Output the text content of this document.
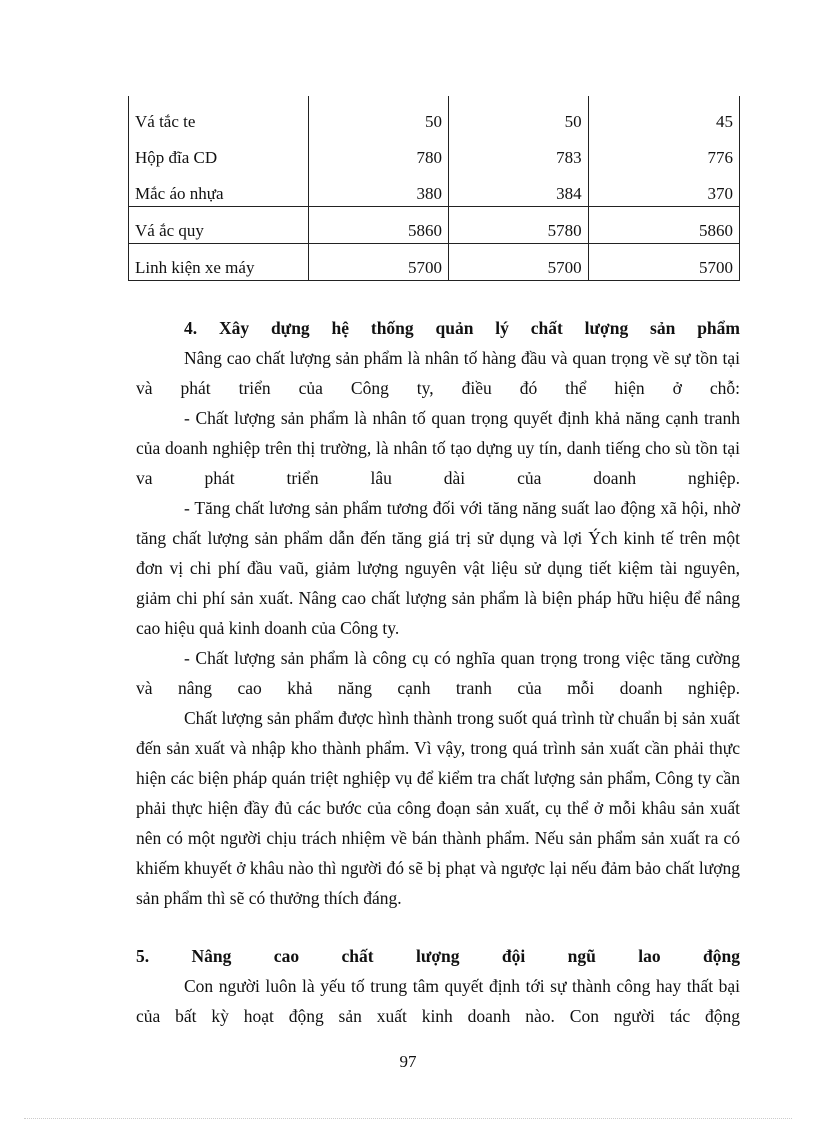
Vá tắc te	50	50	45
Hộp đĩa CD	780	783	776
Mắc áo nhựa	380	384	370
Vá ắc quy	5860	5780	5860
Linh kiện xe máy	5700	5700	5700

4. Xây dựng hệ thống quản lý chất lượng sản phẩm

Nâng cao chất lượng sản phẩm là nhân tố hàng đầu và quan trọng về sự tồn tại và phát triển của Công ty, điều đó thể hiện ở chỗ:

- Chất lượng sản phẩm là nhân tố quan trọng quyết định khả năng cạnh tranh của doanh nghiệp trên thị trường, là nhân tố tạo dựng uy tín, danh tiếng cho sù tồn tại va phát triển lâu dài của doanh nghiệp.

- Tăng chất lương sản phẩm tương đối với tăng năng suất lao động xã hội, nhờ tăng chất lượng sản phẩm dẫn đến tăng giá trị sử dụng và lợi Ých kinh tế trên một đơn vị chi phí đầu vaũ, giảm lượng nguyên vật liệu sử dụng tiết kiệm tài nguyên, giảm chi phí sản xuất. Nâng cao chất lượng sản phẩm là biện pháp hữu hiệu để nâng cao hiệu quả kinh doanh của Công ty.

- Chất lượng sản phẩm là công cụ có nghĩa quan trọng trong việc tăng cường và nâng cao khả năng cạnh tranh của mỗi doanh nghiệp.

Chất lượng sản phẩm được hình thành trong suốt quá trình từ chuẩn bị sản xuất đến sản xuất và nhập kho thành phẩm. Vì vậy, trong quá trình sản xuất cần phải thực hiện các biện pháp quán triệt nghiệp vụ để kiểm tra chất lượng sản phẩm, Công ty cần phải thực hiện đầy đủ các bước của công đoạn sản xuất, cụ thể ở mỗi khâu sản xuất nên có một người chịu trách nhiệm về bán thành phẩm. Nếu sản phẩm sản xuất ra có khiếm khuyết ở khâu nào thì người đó sẽ bị phạt và ngược lại nếu đảm bảo chất lượng sản phẩm thì sẽ có thưởng thích đáng.

5. Nâng cao chất lượng đội ngũ lao động

Con người luôn là yếu tố trung tâm quyết định tới sự thành công hay thất bại của bất kỳ hoạt động sản xuất kinh doanh nào. Con người tác động

97
